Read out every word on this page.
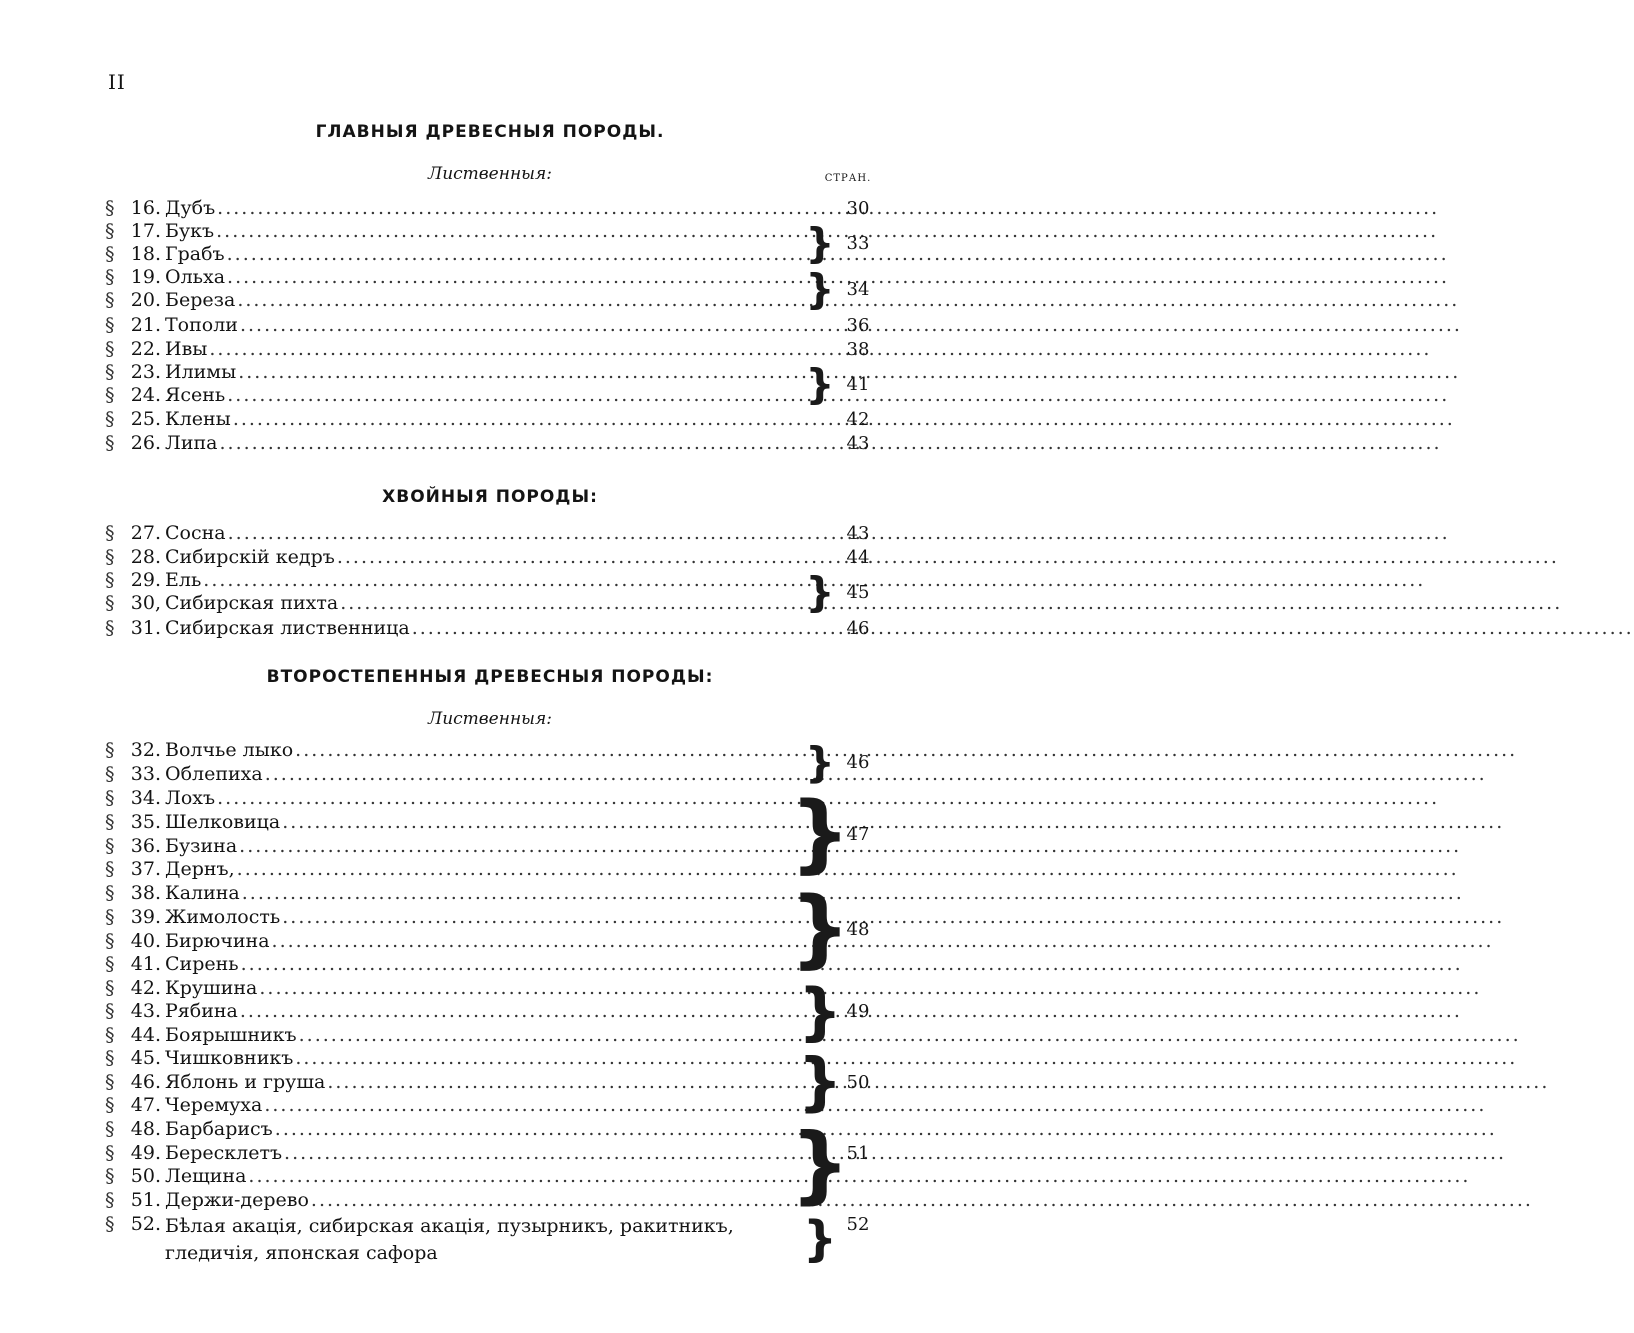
II
ГЛАВНЫЯ ДРЕВЕСНЫЯ ПОРОДЫ.
Лиственныя:	СТРАН.
ХВОЙНЫЯ ПОРОДЫ:
ВТОРОСТЕПЕННЫЯ ДРЕВЕСНЫЯ ПОРОДЫ:
Лиственныя:
§ 16. Дубъ
.....
§ 17. Букъ
.....
§ 18. Грабъ
.....
§ 19. Ольха
.....
§ 20. Береза
.....
§ 21. Тополи
.....
§ 22. Ивы
.....
§ 23. Илимы
.....
§ 24. Ясень
.....
§ 25. Клены
.....
§ 26. Липа
.....
§ 27. Сосна
.....
§ 28. Сибирскій кедръ
.....
§ 29. Ель
.....
§ 30, Сибирская пихта
.....
§ 31. Сибирская лиственница
.....
§ 32. Волчье лыко
.....
§ 33. Облепиха
.....
§ 34. Лохъ
.....
§ 35. Шелковица
.....
§ 36. Бузина
.....
§ 37. Дернъ,
.....
§ 38. Калина
.....
§ 39. Жимолость
.....
§ 40. Бирючина
.....
§ 41. Сирень
.....
§ 42. Крушина
.....
§ 43. Рябина
.....
§ 44. Боярышникъ
.....
§ 45. Чишковникъ
.....
§ 46. Яблонь и груша
.....
§ 47. Черемуха
.....
§ 48. Барбарисъ
.....
§ 49. Бересклетъ
.....
§ 50. Лещина
.....
§ 51. Держи-дерево
.....
§ 52. Бѣлая акація, сибирская акація, пузырникъ, ракитникъ, гледичія, японская сафора
30
} 33
} 34
36
38
} 41
42
43
43
44
} 45
46
} 46
}
47
}
48
} 49
} 50
}
51
} 52
